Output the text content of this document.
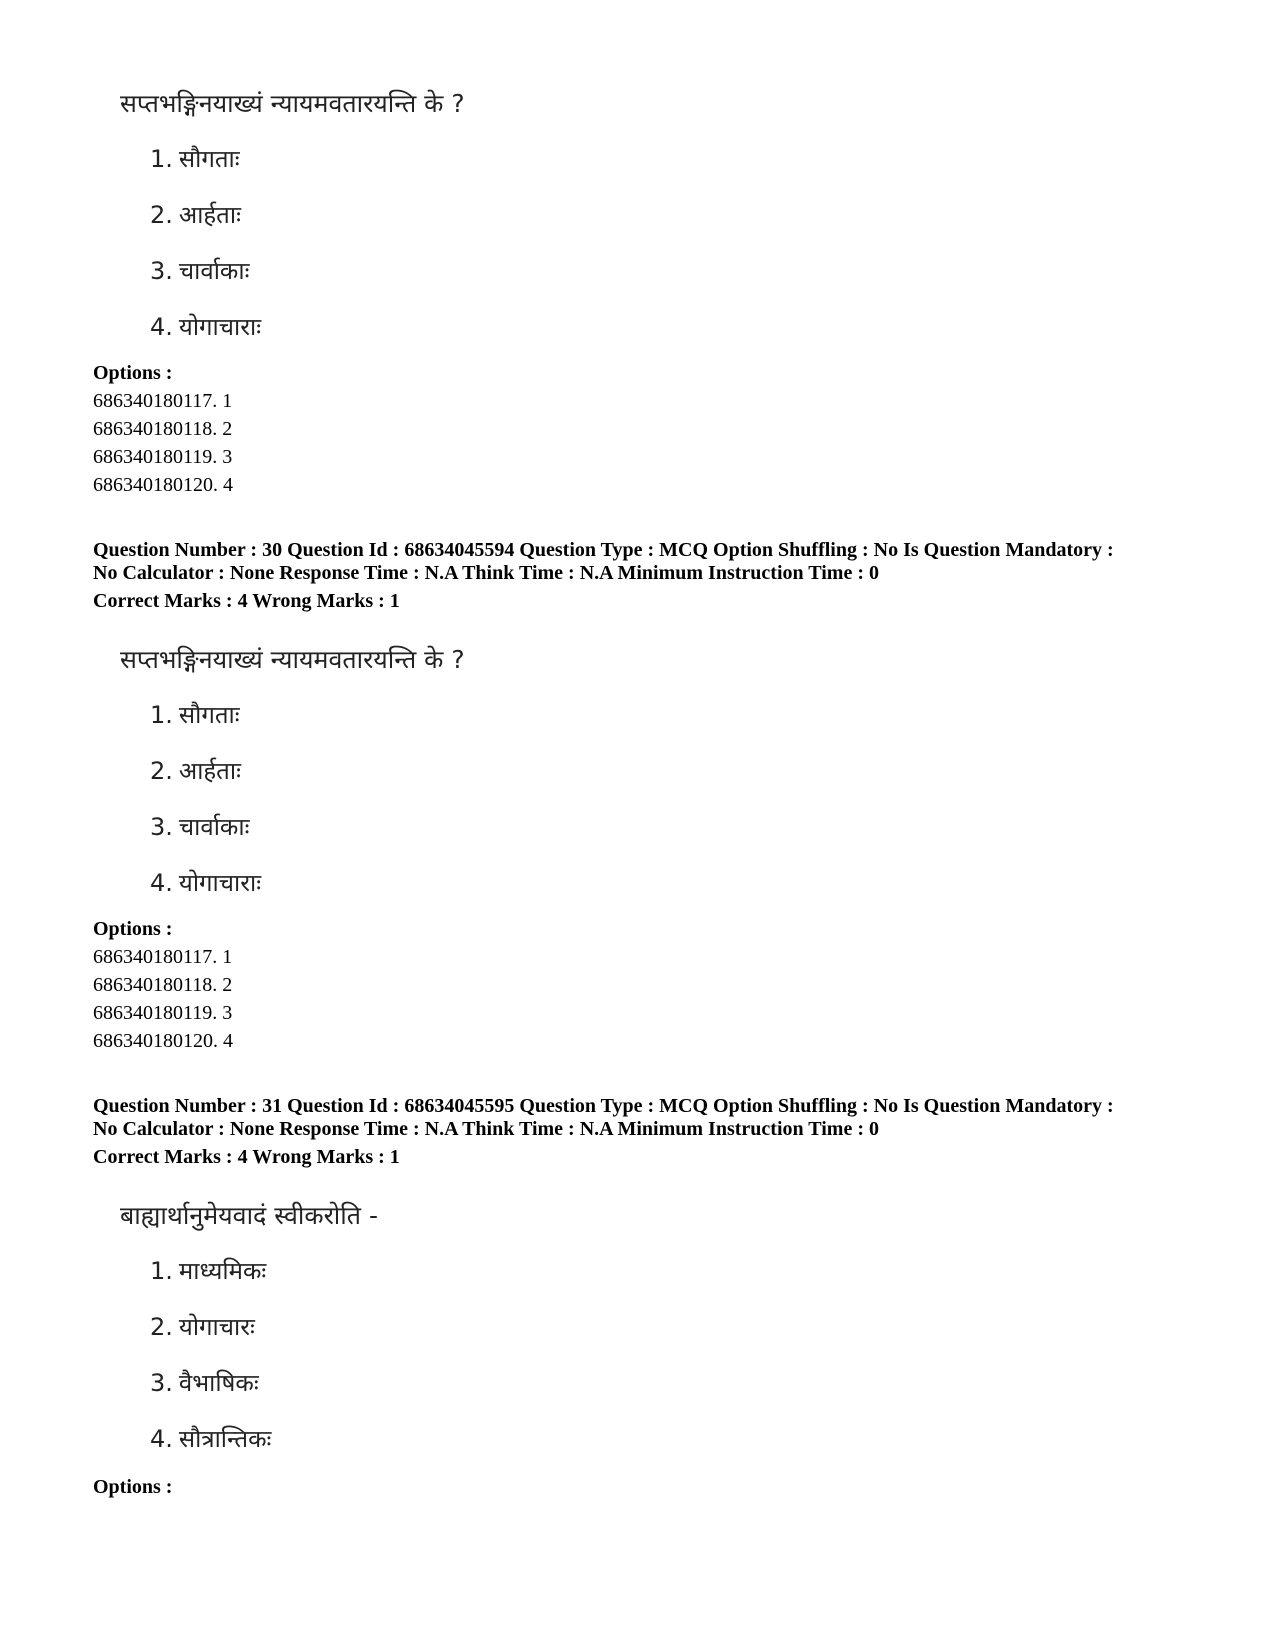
सप्तभङ्गिनयाख्यं न्यायमवतारयन्ति के ?
1. सौगताः
2. आर्हताः
3. चार्वाकाः
4. योगाचाराः
Options :
686340180117. 1
686340180118. 2
686340180119. 3
686340180120. 4
Question Number : 30 Question Id : 68634045594 Question Type : MCQ Option Shuffling : No Is Question Mandatory :
No Calculator : None Response Time : N.A Think Time : N.A Minimum Instruction Time : 0
Correct Marks : 4 Wrong Marks : 1
सप्तभङ्गिनयाख्यं न्यायमवतारयन्ति के ?
1. सौगताः
2. आर्हताः
3. चार्वाकाः
4. योगाचाराः
Options :
686340180117. 1
686340180118. 2
686340180119. 3
686340180120. 4
Question Number : 31 Question Id : 68634045595 Question Type : MCQ Option Shuffling : No Is Question Mandatory :
No Calculator : None Response Time : N.A Think Time : N.A Minimum Instruction Time : 0
Correct Marks : 4 Wrong Marks : 1
बाह्यार्थानुमेयवादं स्वीकरोति -
1. माध्यमिकः
2. योगाचारः
3. वैभाषिकः
4. सौत्रान्तिकः
Options :
